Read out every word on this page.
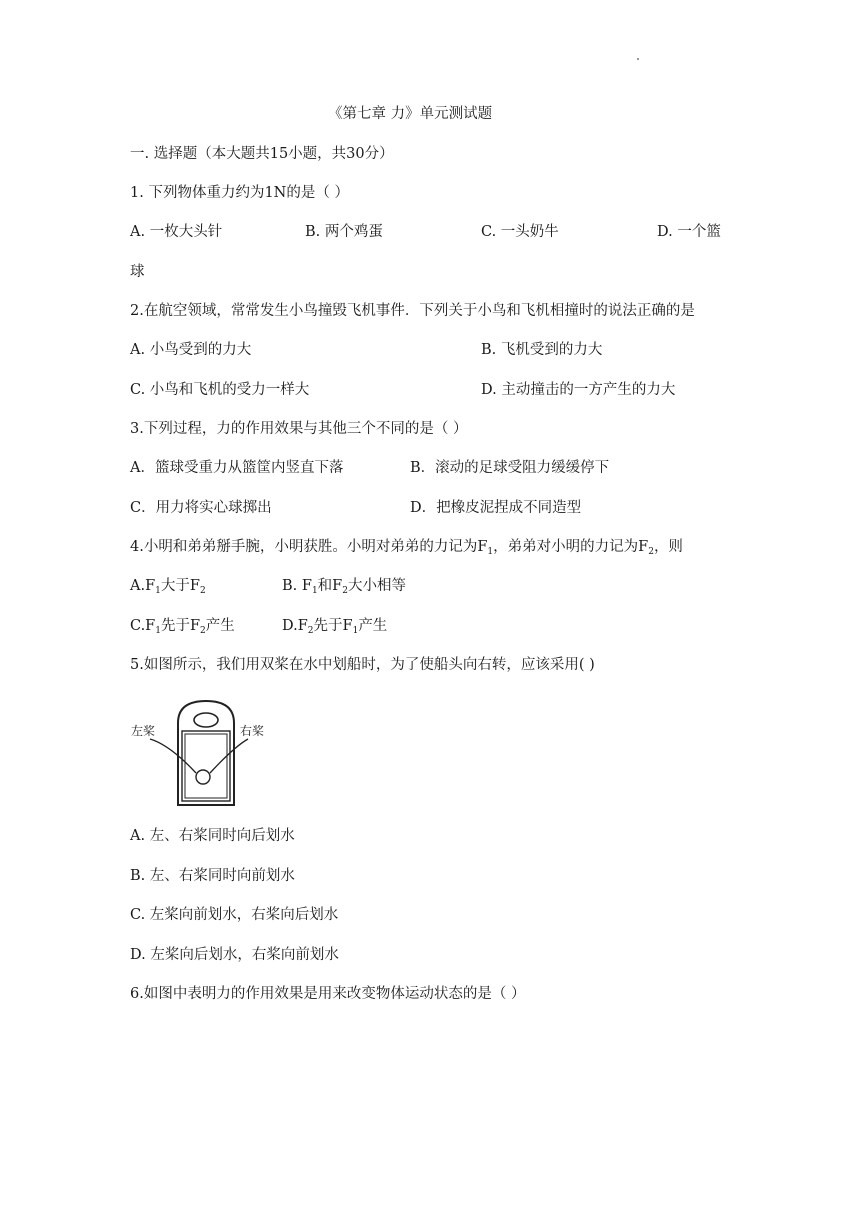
《第七章 力》单元测试题
一. 选择题（本大题共15小题，共30分）
1. 下列物体重力约为1N的是（ ）
A. 一枚大头针	B. 两个鸡蛋	C. 一头奶牛	D. 一个篮
球
2.在航空领域，常常发生小鸟撞毁飞机事件．下列关于小鸟和飞机相撞时的说法正确的是
A. 小鸟受到的力大	B. 飞机受到的力大
C. 小鸟和飞机的受力一样大	D. 主动撞击的一方产生的力大
3.下列过程，力的作用效果与其他三个不同的是（ ）
A．篮球受重力从篮筐内竖直下落	B．滚动的足球受阻力缓缓停下
C．用力将实心球掷出	D．把橡皮泥捏成不同造型
4.小明和弟弟掰手腕，小明获胜。小明对弟弟的力记为$F_1$，弟弟对小明的力记为$F_2$，则
$A.F_1$大于$F_2$	B. $F_1$和$F_2$大小相等
$C.F_1$先于$F_2$产生	$D.F_2$先于$F_1$产生
5.如图所示，我们用双桨在水中划船时，为了使船头向右转，应该采用( )
左桨	右桨
A. 左、右桨同时向后划水
B. 左、右桨同时向前划水
C. 左桨向前划水，右桨向后划水
D. 左桨向后划水，右桨向前划水
6.如图中表明力的作用效果是用来改变物体运动状态的是（ ）
